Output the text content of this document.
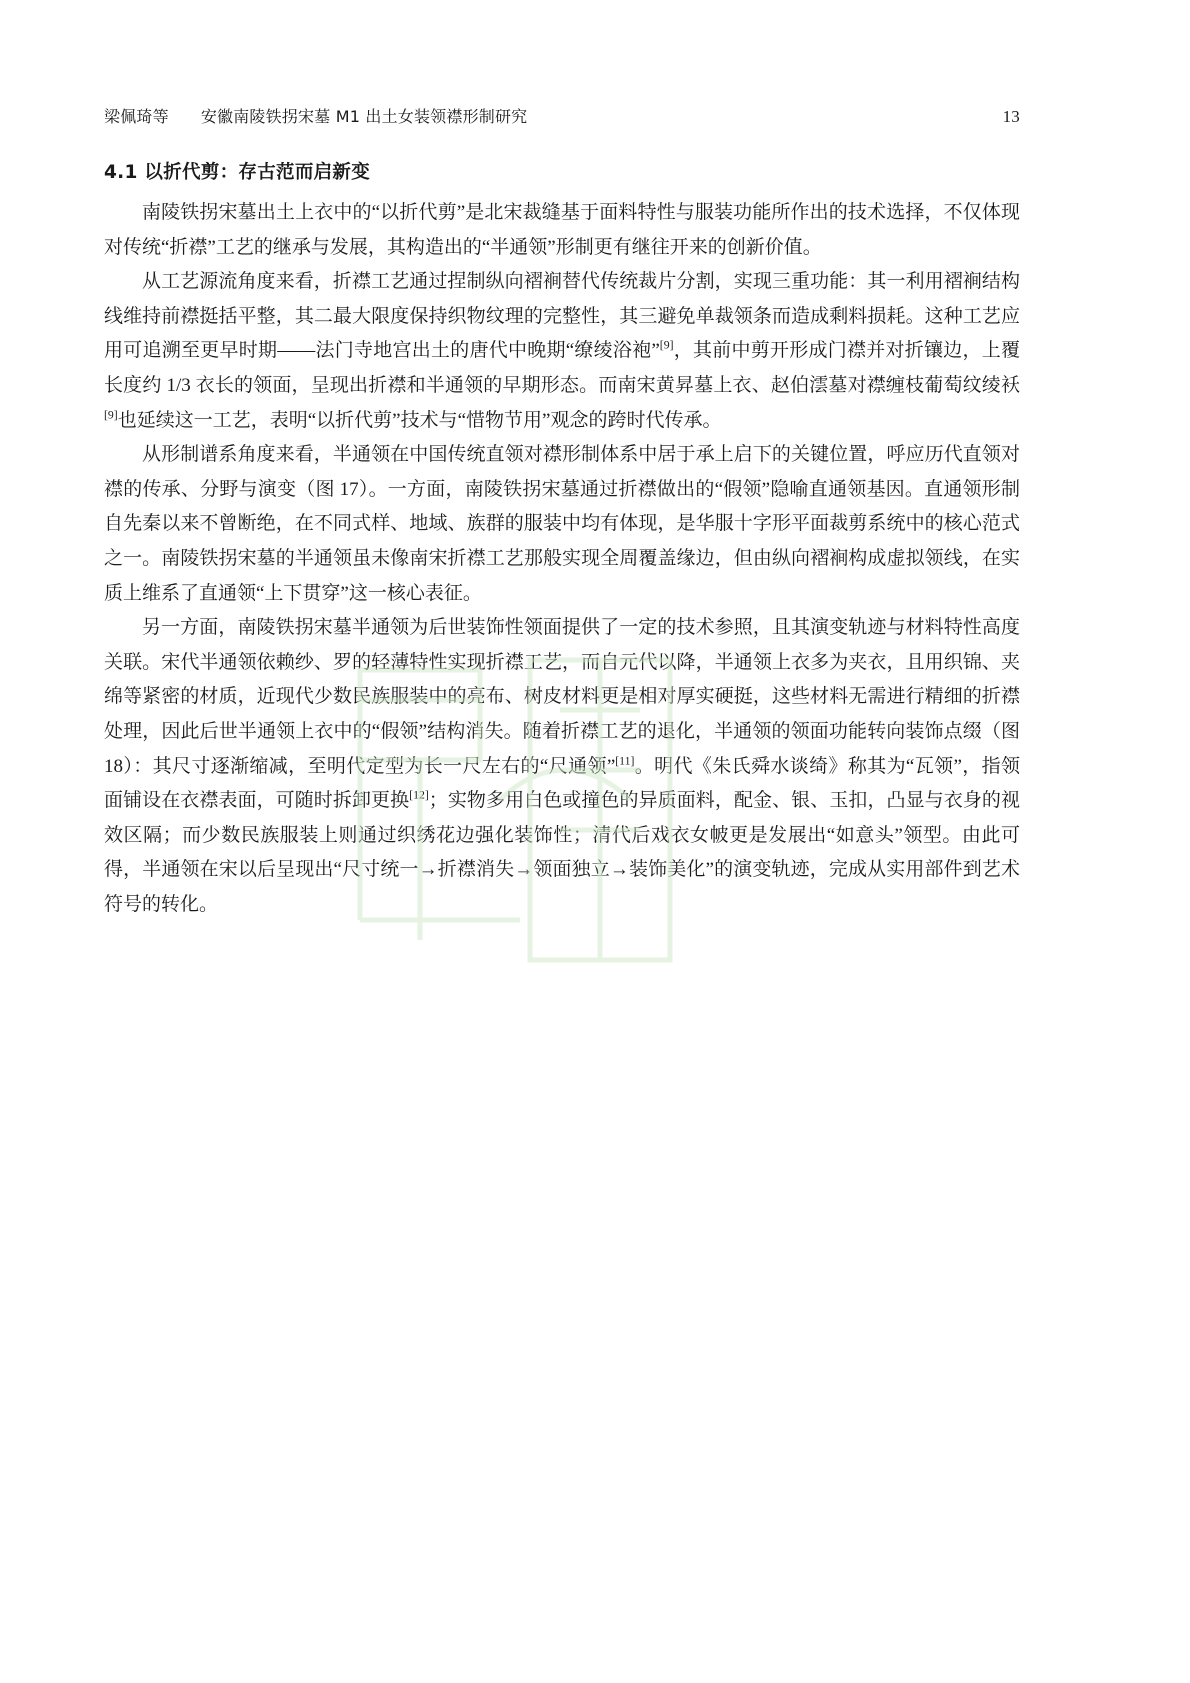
梁佩琦等 安徽南陵铁拐宋墓 M1 出土女装领襟形制研究	13
4.1 以折代剪：存古范而启新变

南陵铁拐宋墓出土上衣中的“以折代剪”是北宋裁缝基于面料特性与服装功能所作出的技术选择，不仅体现对传统“折襟”工艺的继承与发展，其构造出的“半通领”形制更有继往开来的创新价值。

从工艺源流角度来看，折襟工艺通过捏制纵向褶裥替代传统裁片分割，实现三重功能：其一利用褶裥结构线维持前襟挺括平整，其二最大限度保持织物纹理的完整性，其三避免单裁领条而造成剩料损耗。这种工艺应用可追溯至更早时期——法门寺地宫出土的唐代中晚期“缭绫浴袍”[9]，其前中剪开形成门襟并对折镶边，上覆长度约 1/3 衣长的领面，呈现出折襟和半通领的早期形态。而南宋黄昇墓上衣、赵伯澐墓对襟缠枝葡萄纹绫袄[9]也延续这一工艺，表明“以折代剪”技术与“惜物节用”观念的跨时代传承。

从形制谱系角度来看，半通领在中国传统直领对襟形制体系中居于承上启下的关键位置，呼应历代直领对襟的传承、分野与演变（图 17）。一方面，南陵铁拐宋墓通过折襟做出的“假领”隐喻直通领基因。直通领形制自先秦以来不曾断绝，在不同式样、地域、族群的服装中均有体现，是华服十字形平面裁剪系统中的核心范式之一。南陵铁拐宋墓的半通领虽未像南宋折襟工艺那般实现全周覆盖缘边，但由纵向褶裥构成虚拟领线，在实质上维系了直通领“上下贯穿”这一核心表征。

另一方面，南陵铁拐宋墓半通领为后世装饰性领面提供了一定的技术参照，且其演变轨迹与材料特性高度关联。宋代半通领依赖纱、罗的轻薄特性实现折襟工艺，而自元代以降，半通领上衣多为夹衣，且用织锦、夹绵等紧密的材质，近现代少数民族服装中的亮布、树皮材料更是相对厚实硬挺，这些材料无需进行精细的折襟处理，因此后世半通领上衣中的“假领”结构消失。随着折襟工艺的退化，半通领的领面功能转向装饰点缀（图 18）：其尺寸逐渐缩减，至明代定型为长一尺左右的“尺通领”[11]。明代《朱氏舜水谈绮》称其为“瓦领”，指领面铺设在衣襟表面，可随时拆卸更换[12]；实物多用白色或撞色的异质面料，配金、银、玉扣，凸显与衣身的视效区隔；而少数民族服装上则通过织绣花边强化装饰性；清代后戏衣女帔更是发展出“如意头”领型。由此可得，半通领在宋以后呈现出“尺寸统一→折襟消失→领面独立→装饰美化”的演变轨迹，完成从实用部件到艺术符号的转化。
